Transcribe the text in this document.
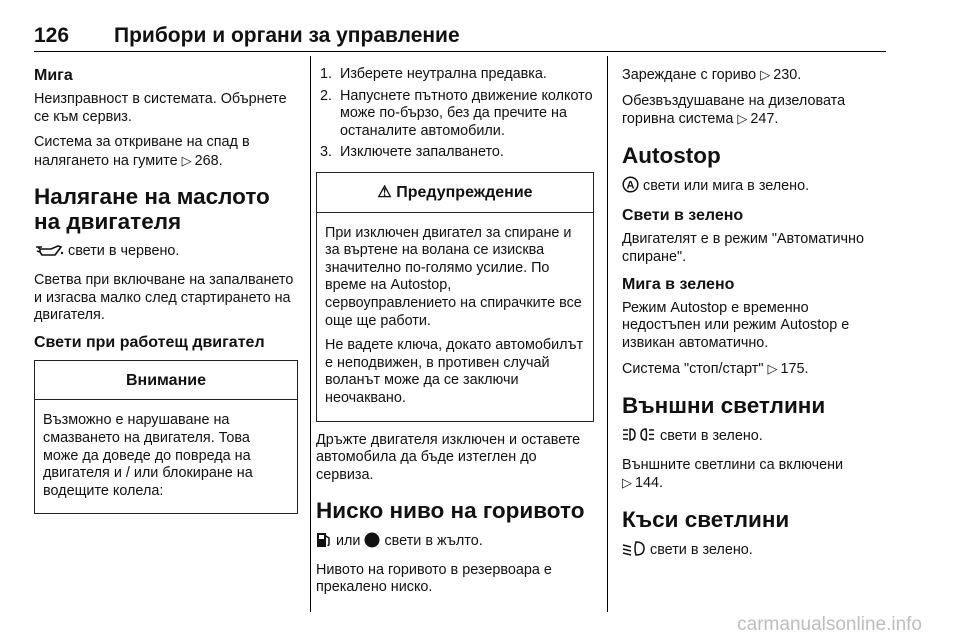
126 Прибори и органи за управление
Мига

Неизправност в системата. Обърнете се към сервиз.

Система за откриване на спад в налягането на гумите ▷ 268.

Налягане на маслото на двигателя

свети в червено.

Светва при включване на запалването и изгасва малко след стартирането на двигателя.

Свети при работещ двигател
Внимание

Възможно е нарушаване на смазването на двигателя. Това може да доведе до повреда на двигателя и / или блокиране на водещите колела:

1. Изберете неутрална предавка.
2. Напуснете пътното движение колкото може по-бързо, без да пречите на останалите автомобили.
3. Изключете запалването.
⚠ Предупреждение

При изключен двигател за спиране и за въртене на волана се изисква значително по-голямо усилие. По време на Autostop, сервоуправлението на спирачките все още ще работи.

Не вадете ключа, докато автомобилът е неподвижен, в противен случай воланът може да се заключи неочаквано.

Дръжте двигателя изключен и оставете автомобила да бъде изтеглен до сервиза.

Ниско ниво на горивото

или свети в жълто.

Нивото на горивото в резервоара е прекалено ниско.

Зареждане с гориво ▷ 230.

Обезвъздушаване на дизеловата горивна система ▷ 247.

Autostop

A свети или мига в зелено.

Свети в зелено

Двигателят е в режим "Автоматично спиране".

Мига в зелено

Режим Autostop е временно недостъпен или режим Autostop е извикан автоматично.

Система "стоп/старт" ▷ 175.

Външни светлини

свети в зелено.

Външните светлини са включени
▷ 144.

Къси светлини

свети в зелено.

carmanualsonline.info
